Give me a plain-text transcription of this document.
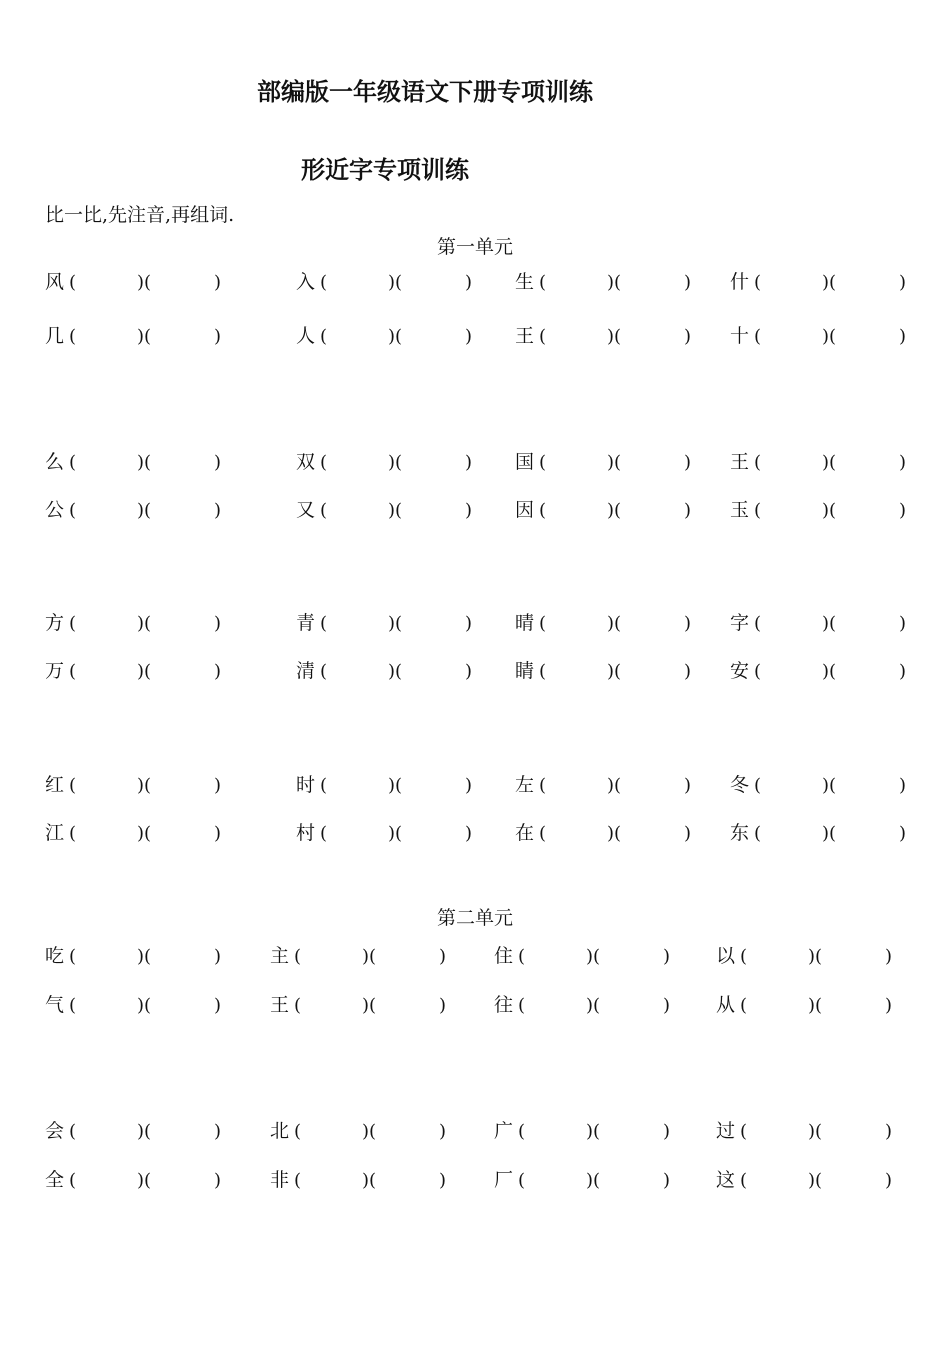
部编版一年级语文下册专项训练
形近字专项训练
比一比,先注音,再组词.
第一单元
风 (	)(	)	入 (	)(	) 生 (	)(	) 什 (	)(	)
几 (	)(	)	人 (	)(	) 王 (	)(	) 十 (	)(	)
么 (	)(	)	双 (	)(	) 国 (	)(	) 王 (	)(	)
公 (	)(	)	又 (	)(	) 因 (	)(	) 玉 (	)(	)
方 (	)(	)	青 (	)(	) 晴 (	)(	) 字 (	)(	)
万 (	)(	)	清 (	)(	) 睛 (	)(	) 安 (	)(	)
红 (	)(	)	时 (	)(	) 左 (	)(	) 冬 (	)(	)
江 (	)(	)	村 (	)(	) 在 (	)(	) 东 (	)(	)
第二单元
吃 (	)(	)	主 (	)(	)	住 (	)(	) 以 (	)(	)
气 (	)(	)	王 (	)(	)	往 (	)(	) 从 (	)(	)
会 (	)(	)	北 (	)(	)	广 (	)(	) 过 (	)(	)
全 (	)(	)	非 (	)(	)	厂 (	)(	) 这 (	)(	)
